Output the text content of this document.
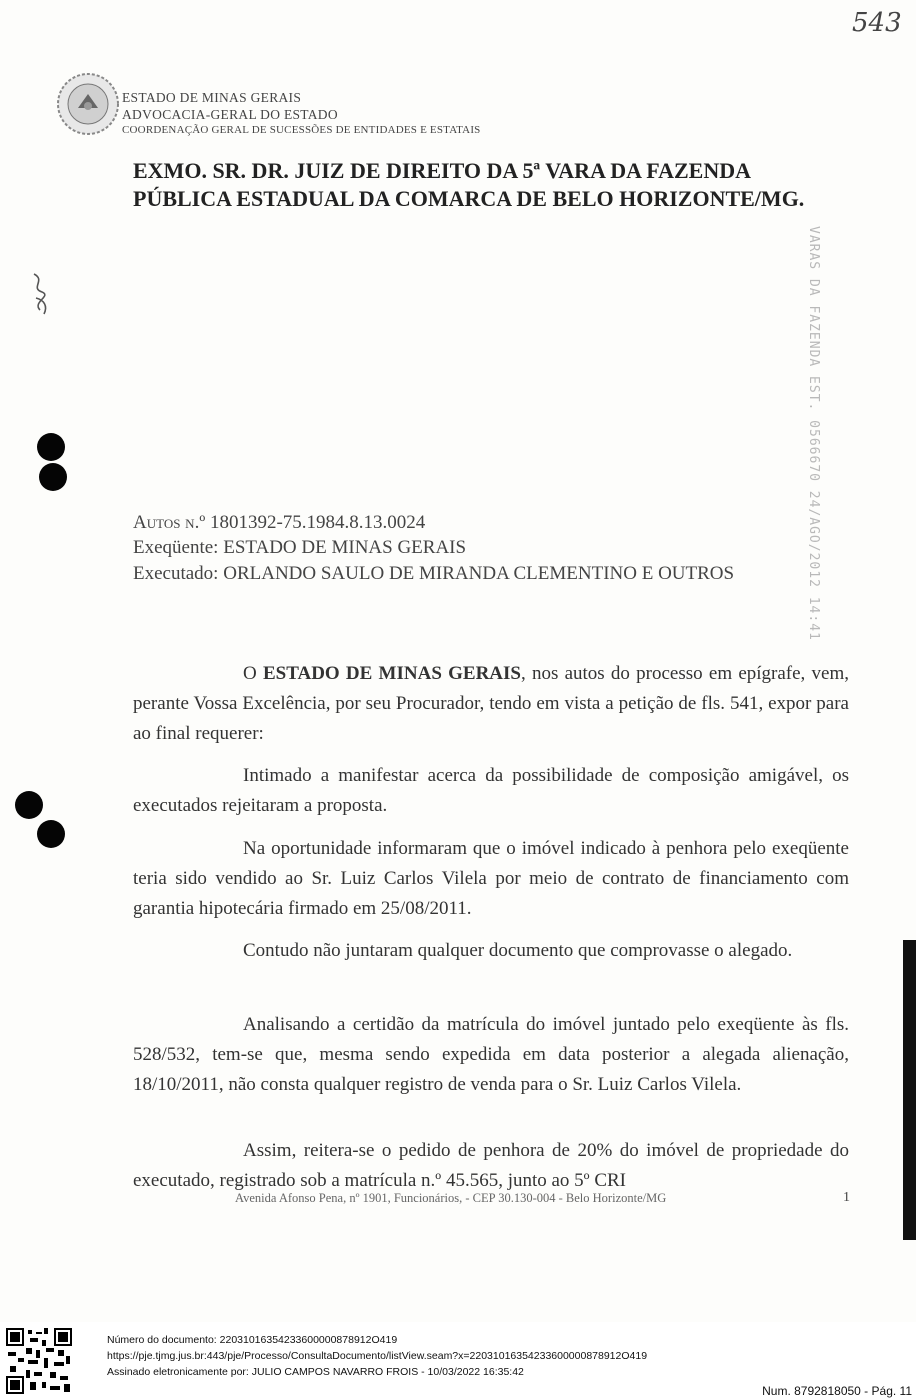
543
ESTADO DE MINAS GERAIS
ADVOCACIA-GERAL DO ESTADO
COORDENAÇÃO GERAL DE SUCESSÕES DE ENTIDADES E ESTATAIS
EXMO. SR. DR. JUIZ DE DIREITO DA 5ª VARA DA FAZENDA PÚBLICA ESTADUAL DA COMARCA DE BELO HORIZONTE/MG.
VARAS DA FAZENDA EST. 0566670 24/AGO/2012 14:41
Autos n.º 1801392-75.1984.8.13.0024
Exeqüente: ESTADO DE MINAS GERAIS
Executado: ORLANDO SAULO DE MIRANDA CLEMENTINO E OUTROS
O ESTADO DE MINAS GERAIS, nos autos do processo em epígrafe, vem, perante Vossa Excelência, por seu Procurador, tendo em vista a petição de fls. 541, expor para ao final requerer:
Intimado a manifestar acerca da possibilidade de composição amigável, os executados rejeitaram a proposta.
Na oportunidade informaram que o imóvel indicado à penhora pelo exeqüente teria sido vendido ao Sr. Luiz Carlos Vilela por meio de contrato de financiamento com garantia hipotecária firmado em 25/08/2011.
Contudo não juntaram qualquer documento que comprovasse o alegado.
Analisando a certidão da matrícula do imóvel juntado pelo exeqüente às fls. 528/532, tem-se que, mesma sendo expedida em data posterior a alegada alienação, 18/10/2011, não consta qualquer registro de venda para o Sr. Luiz Carlos Vilela.
Assim, reitera-se o pedido de penhora de 20% do imóvel de propriedade do executado, registrado sob a matrícula n.º 45.565, junto ao 5º CRI
Avenida Afonso Pena, nº 1901, Funcionários, - CEP 30.130-004 - Belo Horizonte/MG	1
Número do documento: 22031016354233600000878912O419
https://pje.tjmg.jus.br:443/pje/Processo/ConsultaDocumento/listView.seam?x=22031016354233600000878912O419
Assinado eletronicamente por: JULIO CAMPOS NAVARRO FROIS - 10/03/2022 16:35:42
Num. 8792818050 - Pág. 11
